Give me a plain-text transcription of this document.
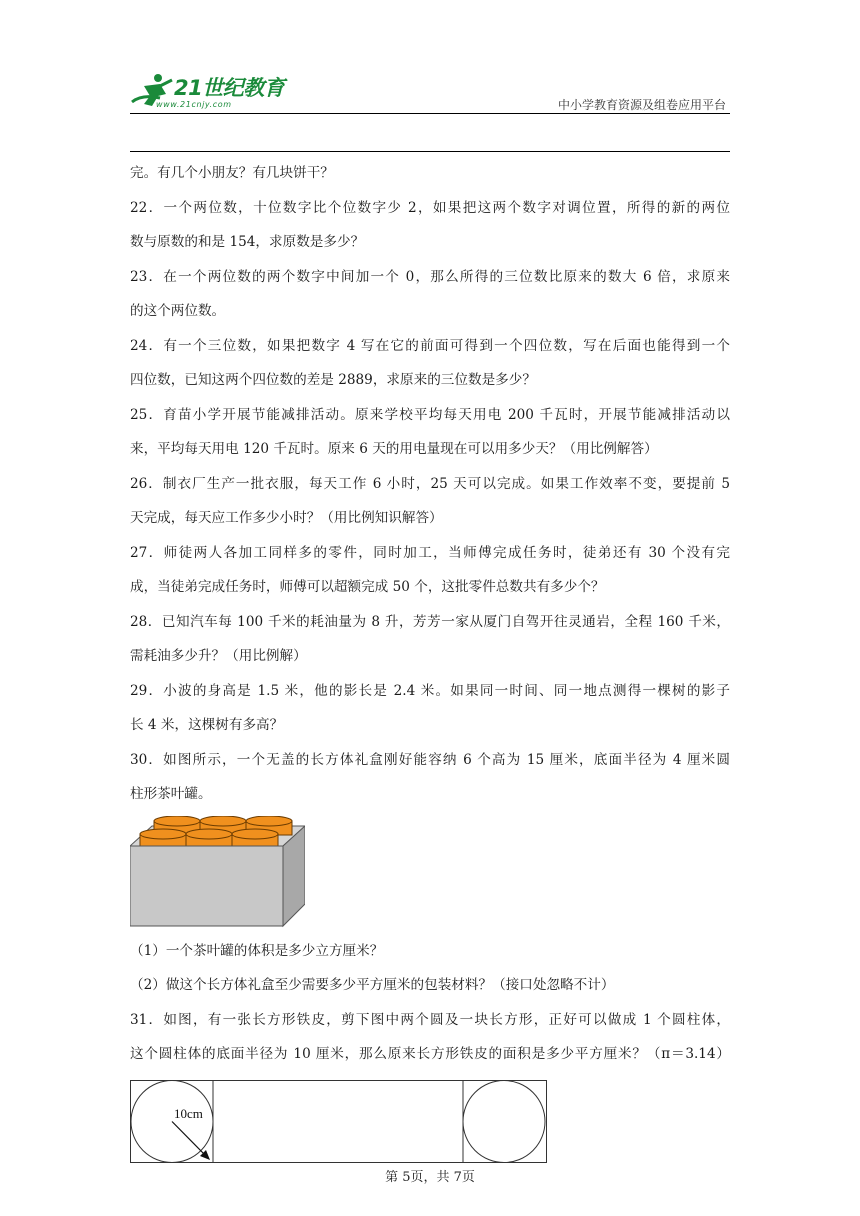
21世纪教育
www.21cnjy.com	中小学教育资源及组卷应用平台
完。有几个小朋友？有几块饼干？
22．一个两位数，十位数字比个位数字少 2，如果把这两个数字对调位置，所得的新的两位
数与原数的和是 154，求原数是多少？
23．在一个两位数的两个数字中间加一个 0，那么所得的三位数比原来的数大 6 倍，求原来
的这个两位数。
24．有一个三位数，如果把数字 4 写在它的前面可得到一个四位数，写在后面也能得到一个
四位数，已知这两个四位数的差是 2889，求原来的三位数是多少？
25．育苗小学开展节能减排活动。原来学校平均每天用电 200 千瓦时，开展节能减排活动以
来，平均每天用电 120 千瓦时。原来 6 天的用电量现在可以用多少天？（用比例解答）
26．制衣厂生产一批衣服，每天工作 6 小时，25 天可以完成。如果工作效率不变，要提前 5
天完成，每天应工作多少小时？（用比例知识解答）
27．师徒两人各加工同样多的零件，同时加工，当师傅完成任务时，徒弟还有 30 个没有完
成，当徒弟完成任务时，师傅可以超额完成 50 个，这批零件总数共有多少个？
28．已知汽车每 100 千米的耗油量为 8 升，芳芳一家从厦门自驾开往灵通岩，全程 160 千米，
需耗油多少升？（用比例解）
29．小波的身高是 1.5 米，他的影长是 2.4 米。如果同一时间、同一地点测得一棵树的影子
长 4 米，这棵树有多高？
30．如图所示，一个无盖的长方体礼盒刚好能容纳 6 个高为 15 厘米，底面半径为 4 厘米圆
柱形茶叶罐。
（1）一个茶叶罐的体积是多少立方厘米？
（2）做这个长方体礼盒至少需要多少平方厘米的包装材料？（接口处忽略不计）
31．如图，有一张长方形铁皮，剪下图中两个圆及一块长方形，正好可以做成 1 个圆柱体，
这个圆柱体的底面半径为 10 厘米，那么原来长方形铁皮的面积是多少平方厘米？（π＝3.14）
10cm
第 5页，共 7页
